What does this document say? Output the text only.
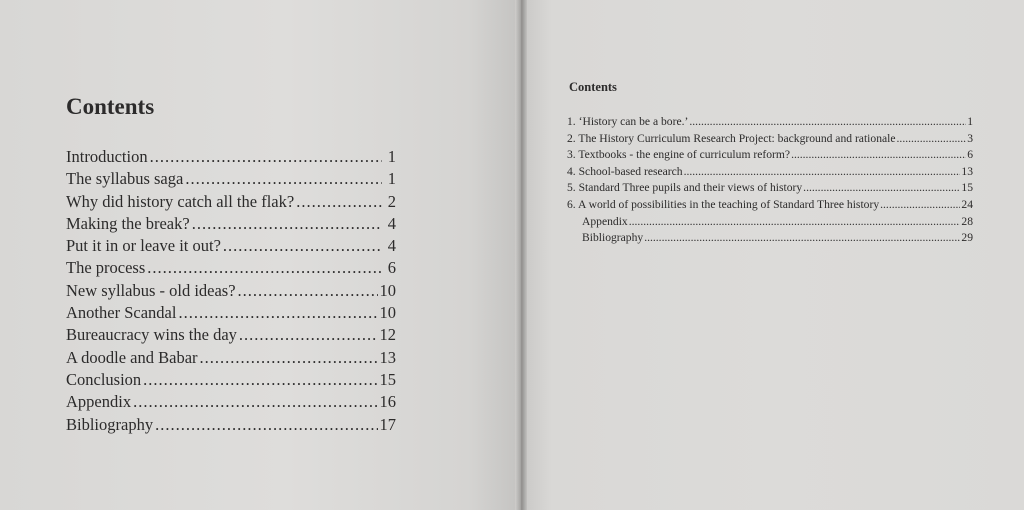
Contents
Introduction .....	1
The syllabus saga .....	1
Why did history catch all the flak? .....	2
Making the break? .....	4
Put it in or leave it out? .....	4
The process .....	6
New syllabus - old ideas? .....	10
Another Scandal .....	10
Bureaucracy wins the day .....	12
A doodle and Babar .....	13
Conclusion .....	15
Appendix .....	16
Bibliography .....	17
Contents
1. ‘History can be a bore.’ .....	1
2. The History Curriculum Research Project: background and rationale .....	3
3. Textbooks - the engine of curriculum reform? .....	6
4. School-based research .....	13
5. Standard Three pupils and their views of history .....	15
6. A world of possibilities in the teaching of Standard Three history .....	24
Appendix .....	28
Bibliography .....	29
